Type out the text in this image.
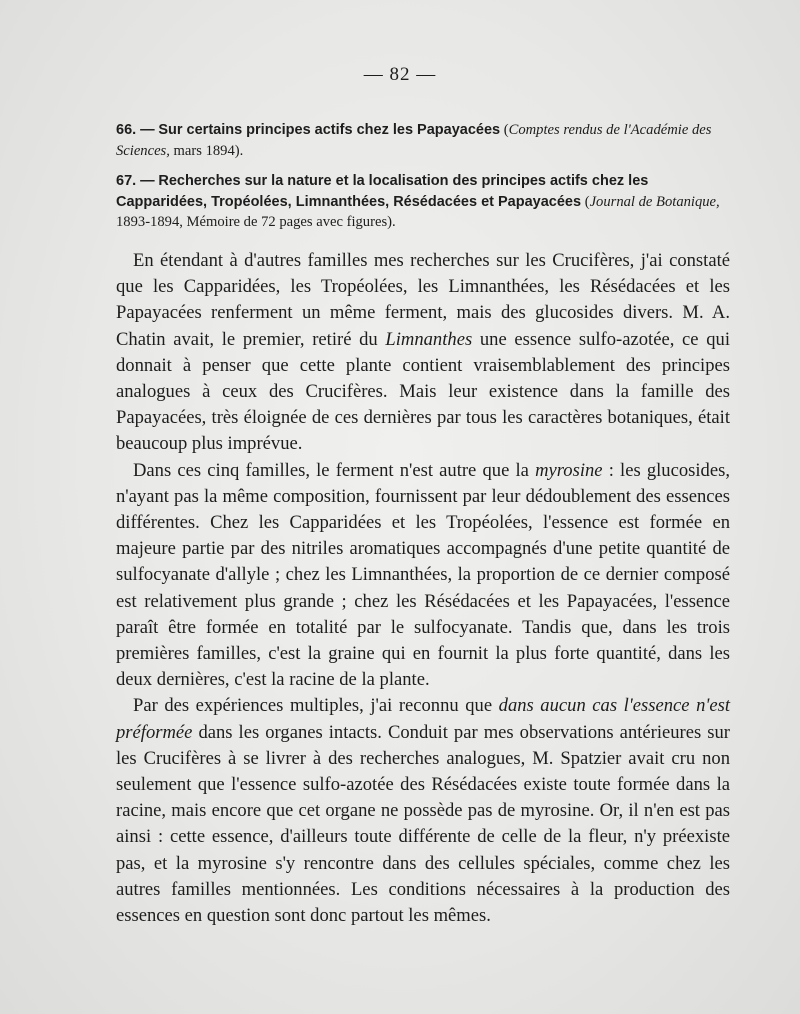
— 82 —
66. — Sur certains principes actifs chez les Papayacées (Comptes rendus de l'Académie des Sciences, mars 1894).
67. — Recherches sur la nature et la localisation des principes actifs chez les Capparidées, Tropéolées, Limnanthées, Résédacées et Papayacées (Journal de Botanique, 1893-1894, Mémoire de 72 pages avec figures).

En étendant à d'autres familles mes recherches sur les Crucifères, j'ai constaté que les Capparidées, les Tropéolées, les Limnanthées, les Résédacées et les Papayacées renferment un même ferment, mais des glucosides divers. M. A. Chatin avait, le premier, retiré du Limnanthes une essence sulfo-azotée, ce qui donnait à penser que cette plante contient vraisemblablement des principes analogues à ceux des Crucifères. Mais leur existence dans la famille des Papayacées, très éloignée de ces dernières par tous les caractères botaniques, était beaucoup plus imprévue.

Dans ces cinq familles, le ferment n'est autre que la myrosine : les glucosides, n'ayant pas la même composition, fournissent par leur dédoublement des essences différentes. Chez les Capparidées et les Tropéolées, l'essence est formée en majeure partie par des nitriles aromatiques accompagnés d'une petite quantité de sulfocyanate d'allyle ; chez les Limnanthées, la proportion de ce dernier composé est relativement plus grande ; chez les Résédacées et les Papayacées, l'essence paraît être formée en totalité par le sulfocyanate. Tandis que, dans les trois premières familles, c'est la graine qui en fournit la plus forte quantité, dans les deux dernières, c'est la racine de la plante.

Par des expériences multiples, j'ai reconnu que dans aucun cas l'essence n'est préformée dans les organes intacts. Conduit par mes observations antérieures sur les Crucifères à se livrer à des recherches analogues, M. Spatzier avait cru non seulement que l'essence sulfo-azotée des Résédacées existe toute formée dans la racine, mais encore que cet organe ne possède pas de myrosine. Or, il n'en est pas ainsi : cette essence, d'ailleurs toute différente de celle de la fleur, n'y préexiste pas, et la myrosine s'y rencontre dans des cellules spéciales, comme chez les autres familles mentionnées. Les conditions nécessaires à la production des essences en question sont donc partout les mêmes.
